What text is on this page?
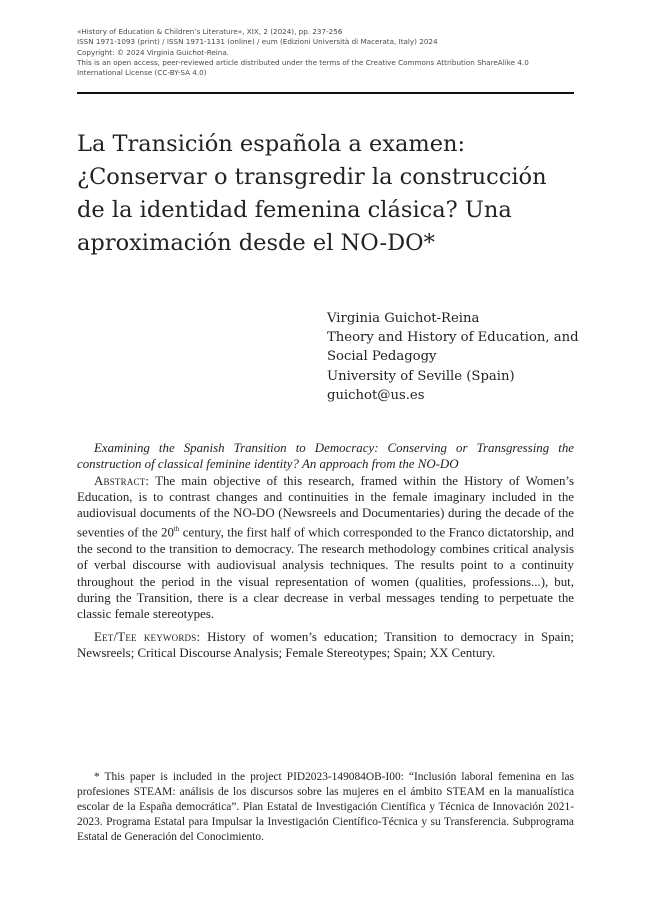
«History of Education & Children’s Literature», XIX, 2 (2024), pp. 237-256
ISSN 1971-1093 (print) / ISSN 1971-1131 (online) / eum (Edizioni Università di Macerata, Italy) 2024
Copyright: © 2024 Virginia Guichot-Reina.
This is an open access, peer-reviewed article distributed under the terms of the Creative Commons Attribution ShareAlike 4.0
International License (CC-BY-SA 4.0)
La Transición española a examen:
¿Conservar o transgredir la construcción
de la identidad femenina clásica? Una
aproximación desde el NO-DO*
Virginia Guichot-Reina
Theory and History of Education, and
Social Pedagogy
University of Seville (Spain)
guichot@us.es

Examining the Spanish Transition to Democracy: Conserving or Transgressing the construction of classical feminine identity? An approach from the NO-DO

Abstract: The main objective of this research, framed within the History of Women’s Education, is to contrast changes and continuities in the female imaginary included in the audiovisual documents of the NO-DO (Newsreels and Documentaries) during the decade of the seventies of the 20th century, the first half of which corresponded to the Franco dictatorship, and the second to the transition to democracy. The research methodology combines critical analysis of verbal discourse with audiovisual analysis techniques. The results point to a continuity throughout the period in the visual representation of women (qualities, professions...), but, during the Transition, there is a clear decrease in verbal messages tending to perpetuate the classic female stereotypes.

Eet/Tee keywords: History of women’s education; Transition to democracy in Spain; Newsreels; Critical Discourse Analysis; Female Stereotypes; Spain; XX Century.

* This paper is included in the project PID2023-149084OB-I00: “Inclusión laboral femenina en las profesiones STEAM: análisis de los discursos sobre las mujeres en el ámbito STEAM en la manualística escolar de la España democrática”. Plan Estatal de Investigación Científica y Técnica de Innovación 2021-2023. Programa Estatal para Impulsar la Investigación Científico-Técnica y su Transferencia. Subprograma Estatal de Generación del Conocimiento.
